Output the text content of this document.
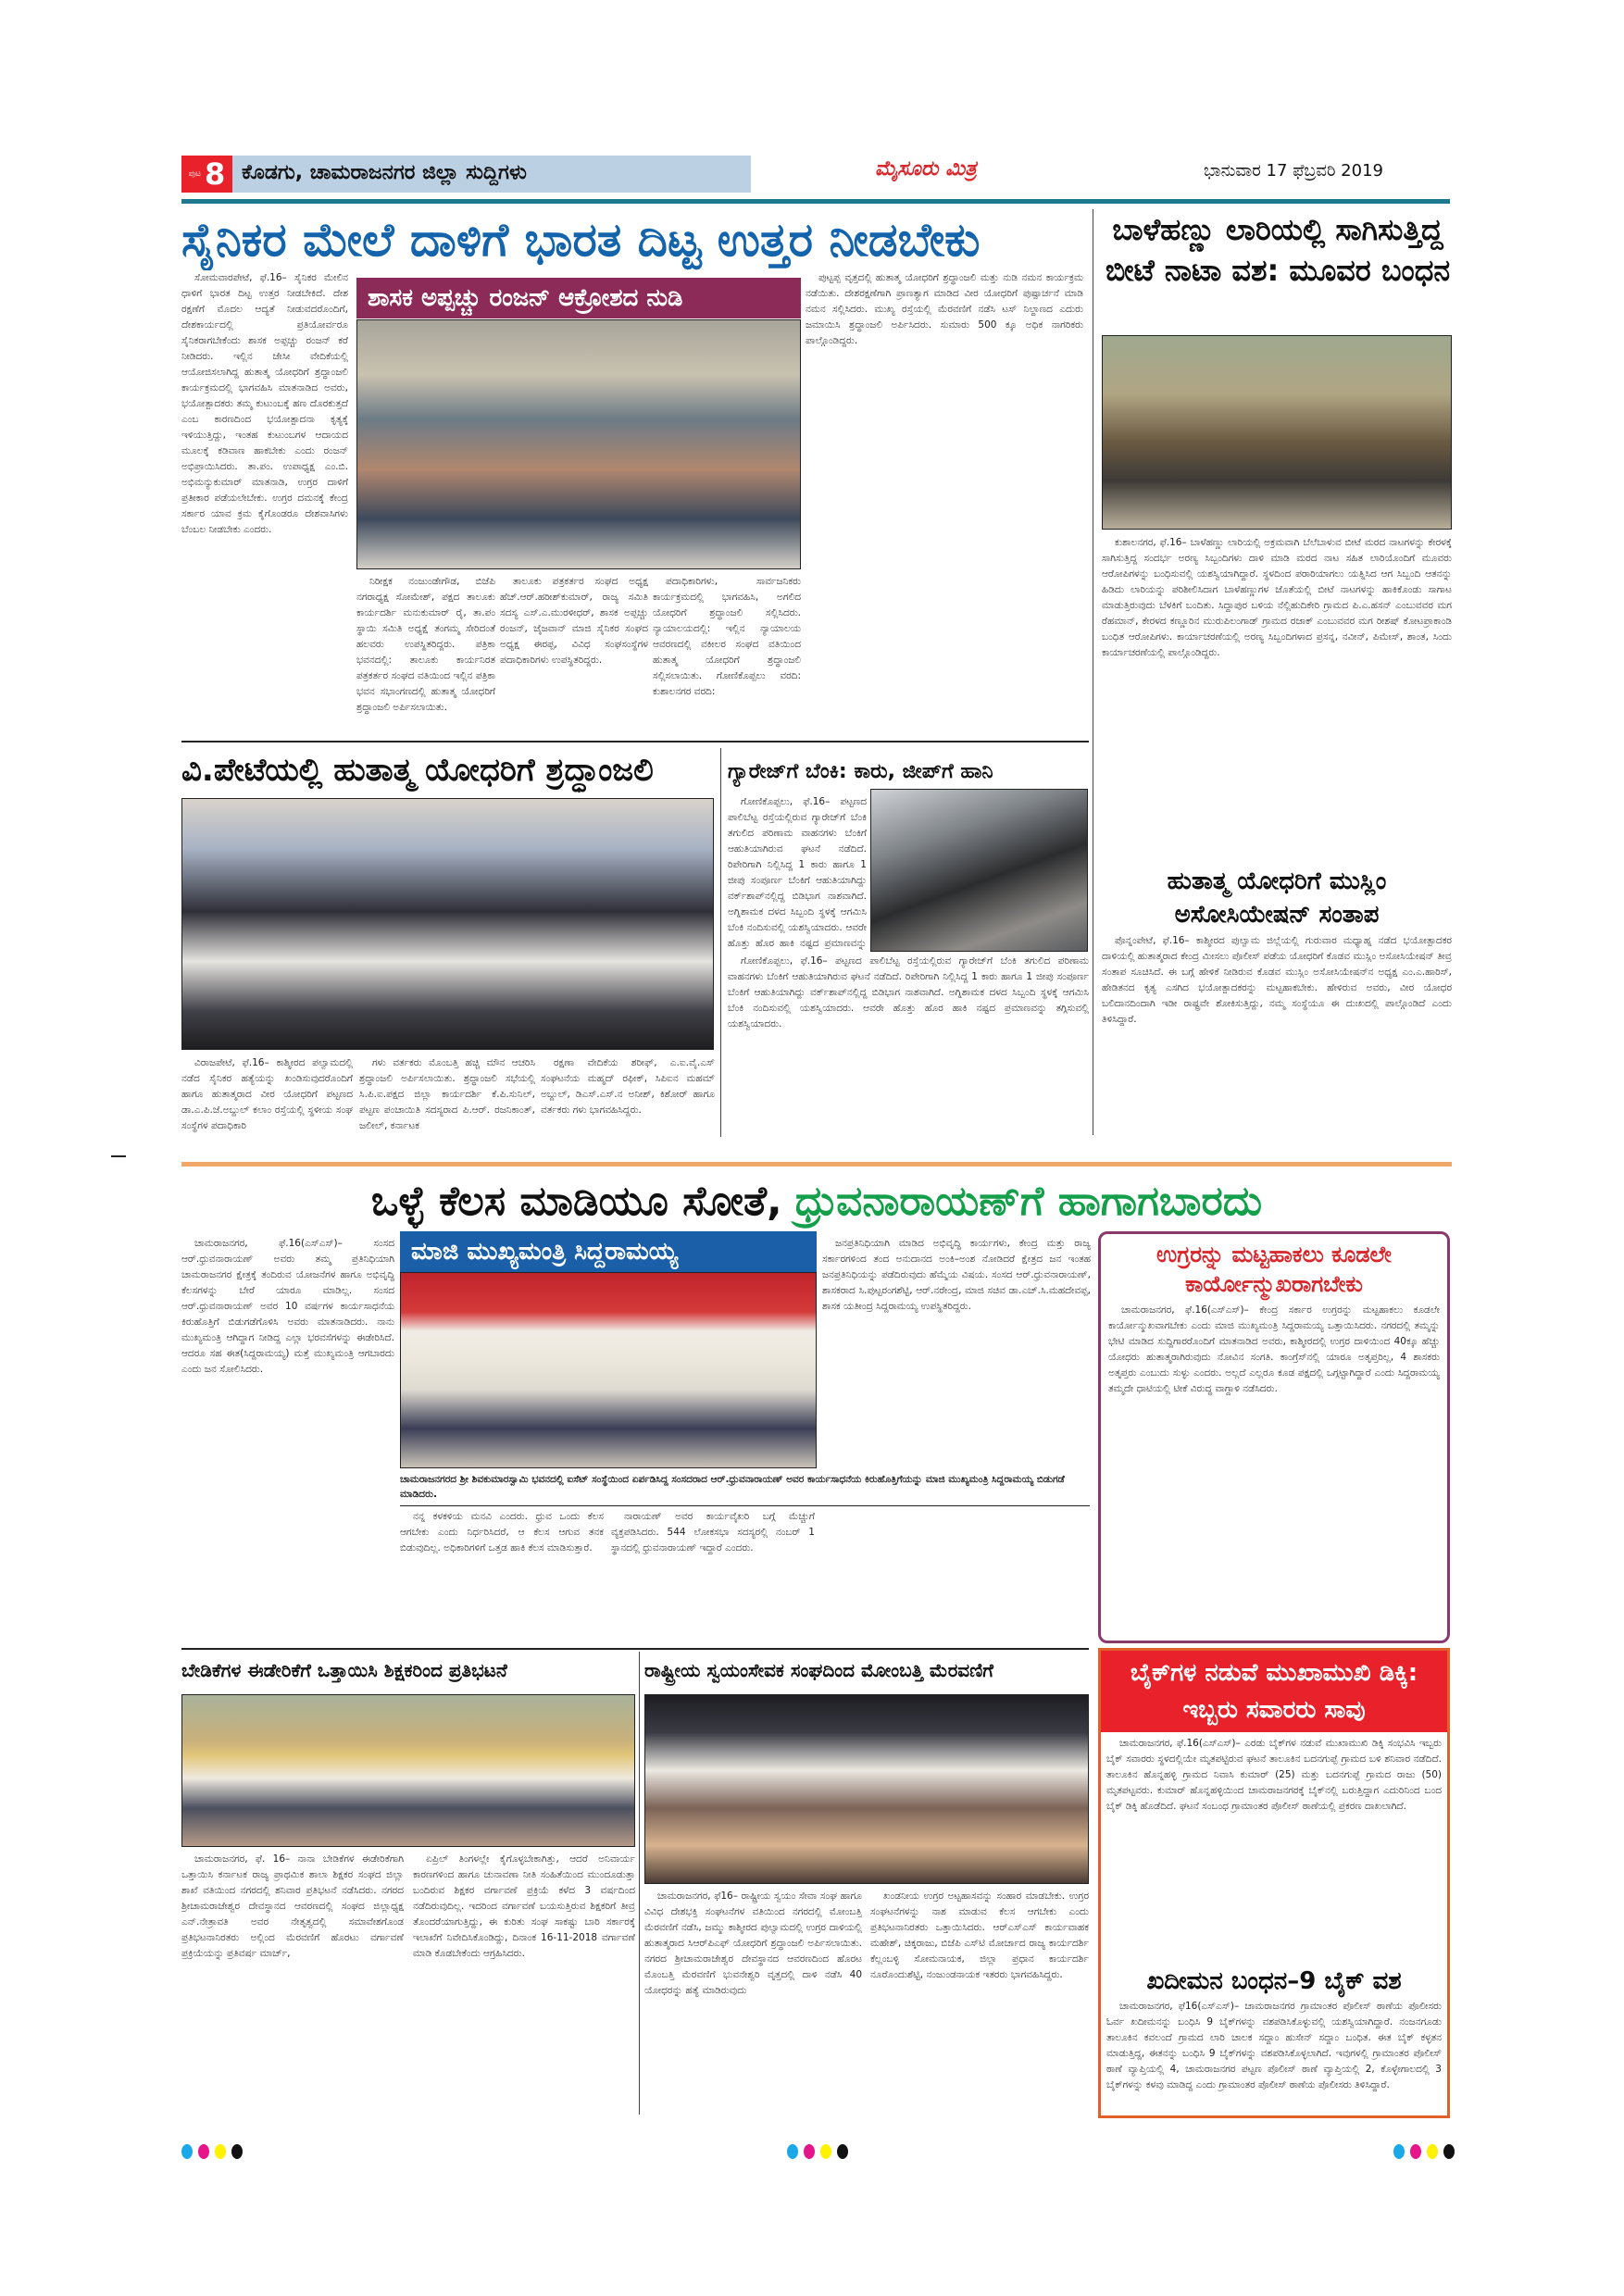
ಪುಟ 8 ಕೊಡಗು, ಚಾಮರಾಜನಗರ ಜಿಲ್ಲಾ ಸುದ್ದಿಗಳು	ಮೈಸೂರು ಮಿತ್ರ	ಭಾನುವಾರ 17 ಫೆಬ್ರವರಿ 2019
ಸೈನಿಕರ ಮೇಲೆ ದಾಳಿಗೆ ಭಾರತ ದಿಟ್ಟ ಉತ್ತರ ನೀಡಬೇಕು

ಸೋಮವಾರಪೇಟೆ, ಫೆ.16– ಸೈನಿಕರ ಮೇಲಿನ ಧಾಳಿಗೆ ಭಾರತ ದಿಟ್ಟ ಉತ್ತರ ನೀಡಬೇಕಿದೆ. ದೇಶ ರಕ್ಷಣೆಗೆ ಮೊದಲ ಆದ್ಯತೆ ನೀಡುವದರೊಂದಿಗೆ, ದೇಶಕಾರ್ಯದಲ್ಲಿ ಪ್ರತಿಯೋರ್ವರೂ ಸೈನಿಕರಾಗಬೇಕೆಂದು ಶಾಸಕ ಅಪ್ಪಚ್ಚು ರಂಜನ್ ಕರೆ ನೀಡಿದರು. ಇಲ್ಲಿನ ಜೇಸೀ ವೇದಿಕೆಯಲ್ಲಿ ಆಯೋಜಿಸಲಾಗಿದ್ದ ಹುತಾತ್ಮ ಯೋಧರಿಗೆ ಶ್ರದ್ಧಾಂಜಲಿ ಕಾರ್ಯಕ್ರಮದಲ್ಲಿ ಭಾಗವಹಿಸಿ ಮಾತನಾಡಿದ ಅವರು, ಭಯೋತ್ಪಾದಕರು ತಮ್ಮ ಕುಟುಂಬಕ್ಕೆ ಹಣ ದೊರಕುತ್ತದೆ ಎಂಬ ಕಾರಣದಿಂದ ಭಯೋತ್ಪಾದನಾ ಕೃತ್ಯಕ್ಕೆ ಇಳಿಯುತ್ತಿದ್ದು, ಇಂತಹ ಕುಟುಂಬಗಳ ಆದಾಯದ ಮೂಲಕ್ಕೆ ಕಡಿವಾಣ ಹಾಕಬೇಕು ಎಂದು ರಂಜನ್ ಅಭಿಪ್ರಾಯಿಸಿದರು. ತಾ.ಪಂ. ಉಪಾಧ್ಯಕ್ಷ ಎಂ.ಬಿ. ಅಭಿಮನ್ಯುಕುಮಾರ್ ಮಾತನಾಡಿ, ಉಗ್ರರ ದಾಳಿಗೆ ಪ್ರತೀಕಾರ ಪಡೆಯಲೇಬೇಕು. ಉಗ್ರರ ದಮನಕ್ಕೆ ಕೇಂದ್ರ ಸರ್ಕಾರ ಯಾವ ಕ್ರಮ ಕೈಗೊಂಡರೂ ದೇಶವಾಸಿಗಳು ಬೆಂಬಲ ನೀಡಬೇಕು ಎಂದರು.

ಶಾಸಕ ಅಪ್ಪಚ್ಚು ರಂಜನ್ ಆಕ್ರೋಶದ ನುಡಿ

ನಿರೀಕ್ಷಕ ನಂಜುಂಡೇಗೌಡ, ಬಿಜೆಪಿ ನಗರಾಧ್ಯಕ್ಷ ಸೋಮೇಶ್, ಪಕ್ಷದ ತಾಲೂಕು ಕಾರ್ಯದರ್ಶಿ ಮನುಕುಮಾರ್ ರೈ, ತಾ.ಪಂ ಸ್ಥಾಯಿ ಸಮಿತಿ ಅಧ್ಯಕ್ಷೆ ತಂಗಮ್ಮ ಸೇರಿದಂತೆ ಹಲವರು ಉಪಸ್ಥಿತರಿದ್ದರು. ಪತ್ರಿಕಾ ಭವನದಲ್ಲಿ: ತಾಲೂಕು ಕಾರ್ಯನಿರತ ಪತ್ರಕರ್ತರ ಸಂಘದ ವತಿಯಿಂದ ಇಲ್ಲಿನ ಪತ್ರಿಕಾ ಭವನ ಸಭಾಂಗಣದಲ್ಲಿ ಹುತಾತ್ಮ ಯೋಧರಿಗೆ ಶ್ರದ್ಧಾಂಜಲಿ ಅರ್ಪಿಸಲಾಯಿತು.

ತಾಲೂಕು ಪತ್ರಕರ್ತರ ಸಂಘದ ಅಧ್ಯಕ್ಷ ಹೆಚ್.ಆರ್.ಹರೀಶ್‌ಕುಮಾರ್, ರಾಜ್ಯ ಸಮಿತಿ ಸದಸ್ಯ ಎಸ್.ಎ.ಮುರಳೀಧರ್, ಶಾಸಕ ಅಪ್ಪಚ್ಚು ರಂಜನ್, ಜೈಜವಾನ್ ಮಾಜಿ ಸೈನಿಕರ ಸಂಘದ ಅಧ್ಯಕ್ಷ ಈರಪ್ಪ, ವಿವಿಧ ಸಂಘಸಂಸ್ಥೆಗಳ ಪದಾಧಿಕಾರಿಗಳು ಉಪಸ್ಥಿತರಿದ್ದರು.

ಪದಾಧಿಕಾರಿಗಳು, ಸಾರ್ವಜನಿಕರು ಕಾರ್ಯಕ್ರಮದಲ್ಲಿ ಭಾಗವಹಿಸಿ, ಅಗಲಿದ ಯೋಧರಿಗೆ ಶ್ರದ್ಧಾಂಜಲಿ ಸಲ್ಲಿಸಿದರು. ನ್ಯಾಯಾಲಯದಲ್ಲಿ: ಇಲ್ಲಿನ ನ್ಯಾಯಾಲಯ ಆವರಣದಲ್ಲಿ ವಕೀಲರ ಸಂಘದ ವತಿಯಿಂದ ಹುತಾತ್ಮ ಯೋಧರಿಗೆ ಶ್ರದ್ಧಾಂಜಲಿ ಸಲ್ಲಿಸಲಾಯಿತು. ಗೋಣಿಕೊಪ್ಪಲು ವರದಿ: ಕುಶಾಲನಗರ ವರದಿ:

ಪುಟ್ಟಪ್ಪ ವೃತ್ತದಲ್ಲಿ ಹುತಾತ್ಮ ಯೋಧರಿಗೆ ಶ್ರದ್ಧಾಂಜಲಿ ಮತ್ತು ನುಡಿ ನಮನ ಕಾರ್ಯಕ್ರಮ ನಡೆಯಿತು. ದೇಶರಕ್ಷಣೆಗಾಗಿ ಪ್ರಾಣತ್ಯಾಗ ಮಾಡಿದ ವೀರ ಯೋಧರಿಗೆ ಪುಷ್ಪಾರ್ಚನೆ ಮಾಡಿ ನಮನ ಸಲ್ಲಿಸಿದರು. ಮುಖ್ಯ ರಸ್ತೆಯಲ್ಲಿ ಮೆರವಣಿಗೆ ನಡೆಸಿ ಟಸ್ ನಿಲ್ದಾಣದ ಎದುರು ಜಮಾಯಿಸಿ ಶ್ರದ್ಧಾಂಜಲಿ ಅರ್ಪಿಸಿದರು. ಸುಮಾರು 500 ಕ್ಕೂ ಅಧಿಕ ನಾಗರಿಕರು ಪಾಲ್ಗೊಂಡಿದ್ದರು.

ಬಾಳೆಹಣ್ಣು ಲಾರಿಯಲ್ಲಿ ಸಾಗಿಸುತ್ತಿದ್ದ ಬೀಟೆ ನಾಟಾ ವಶ: ಮೂವರ ಬಂಧನ

ಕುಶಾಲನಗರ, ಫೆ.16– ಬಾಳೆಹಣ್ಣು ಲಾರಿಯಲ್ಲಿ ಅಕ್ರಮವಾಗಿ ಬೆಲೆಬಾಳುವ ಬೀಟೆ ಮರದ ನಾಟಗಳನ್ನು ಕೇರಳಕ್ಕೆ ಸಾಗಿಸುತ್ತಿದ್ದ ಸಂದರ್ಭ ಅರಣ್ಯ ಸಿಬ್ಬಂದಿಗಳು ದಾಳಿ ಮಾಡಿ ಮರದ ನಾಟ ಸಹಿತ ಲಾರಿಯೊಂದಿಗೆ ಮೂವರು ಆರೋಪಿಗಳನ್ನು ಬಂಧಿಸುವಲ್ಲಿ ಯಶಸ್ವಿಯಾಗಿದ್ದಾರೆ. ಸ್ಥಳದಿಂದ ಪರಾರಿಯಾಗಲು ಯತ್ನಿಸಿದ ಆಗ ಸಿಬ್ಬಂದಿ ಆತನನ್ನು ಹಿಡಿದು ಲಾರಿಯನ್ನು ಪರಿಶೀಲಿಸಿದಾಗ ಬಾಳೆಹಣ್ಣುಗಳ ಜೊತೆಯಲ್ಲಿ ಬೀಟೆ ನಾಟಗಳನ್ನು ಹಾಕಿಕೊಂಡು ಸಾಗಾಟ ಮಾಡುತ್ತಿರುವುದು ಬೆಳಕಿಗೆ ಬಂದಿತು. ಸಿದ್ದಾಪುರ ಬಳಿಯ ನೆಲ್ಲಿಹುದಿಕೇರಿ ಗ್ರಾಮದ ಪಿ.ಎ.ಹಸನ್ ಎಂಬುವವರ ಮಗ ರೆಹಮಾನ್, ಕೇರಳದ ಕಣ್ಣೂರಿನ ಮುರುಪಿಲಂಗಾಡ್ ಗ್ರಾಮದ ರಜಾಕ್ ಎಂಬುವವರ ಮಗ ರೀಶಷ್ ಕೋಟಪ್ರಾಕಾಂಡಿ ಬಂಧಿತ ಆರೋಪಿಗಳು. ಕಾರ್ಯಾಚರಣೆಯಲ್ಲಿ ಅರಣ್ಯ ಸಿಬ್ಬಂದಿಗಳಾದ ಪ್ರಸನ್ನ, ನವೀನ್, ಪಿಮೇಸ್, ಶಾಂತ, ಸಿಂದು ಕಾರ್ಯಾಚರಣೆಯಲ್ಲಿ ಪಾಲ್ಗೊಂಡಿದ್ದರು.

ವಿ.ಪೇಟೆಯಲ್ಲಿ ಹುತಾತ್ಮ ಯೋಧರಿಗೆ ಶ್ರದ್ಧಾಂಜಲಿ

ವಿರಾಜಪೇಟೆ, ಫೆ.16– ಕಾಶ್ಮೀರದ ಪಲ್ವಾಮದಲ್ಲಿ ನಡೆದ ಸೈನಿಕರ ಹತ್ಯೆಯನ್ನು ಖಂಡಿಸುವುದರೊಂದಿಗೆ ಹಾಗೂ ಹುತಾತ್ಮರಾದ ವೀರ ಯೋಧರಿಗೆ ಪಟ್ಟಣದ ಡಾ.ಎ.ಪಿ.ಜೆ.ಅಬ್ದುಲ್ ಕಲಾಂ ರಸ್ತೆಯಲ್ಲಿ ಸ್ಥಳೀಯ ಸಂಘ ಸಂಸ್ಥೆಗಳ ಪದಾಧಿಕಾರಿ

ಗಳು ವರ್ತಕರು ಮೊಂಬತ್ತಿ ಹಚ್ಚಿ ಮೌನ ಆಚರಿಸಿ ಶ್ರದ್ಧಾಂಜಲಿ ಅರ್ಪಿಸಲಾಯಿತು. ಶ್ರದ್ಧಾಂಜಲಿ ಸಭೆಯಲ್ಲಿ ಸಿ.ಪಿ.ಐ.ಪಕ್ಷದ ಜಿಲ್ಲಾ ಕಾರ್ಯದರ್ಶಿ ಕೆ.ಪಿ.ಸುನಿಲ್, ಪಟ್ಟಣ ಪಂಚಾಯಿತಿ ಸದಸ್ಯರಾದ ಪಿ.ಆರ್. ರಜನಿಕಾಂತ್, ಜಲೀಲ್, ಕರ್ನಾಟಕ

ರಕ್ಷಣಾ ವೇದಿಕೆಯ ಶರೀಫ್, ಎ.ಐ.ವೈ.ಎಸ್ ಸಂಘಟನೆಯ ಮಹ್ಮದ್ ರಫೀಕ್, ಸಿಪಿಐನ ಮಹಮ್ ಅಬ್ದುಲ್, ಡಿಎಸ್.ಎಸ್.ನ ಅನೀಶ್, ಕಿಶೋರ್ ಹಾಗೂ ವರ್ತಕರು ಗಳು ಭಾಗವಹಿಸಿದ್ದರು.

ಗ್ಯಾರೇಜ್‌ಗೆ ಬೆಂಕಿ: ಕಾರು, ಜೀಪ್‌ಗೆ ಹಾನಿ

ಗೋಣಿಕೊಪ್ಪಲು, ಫೆ.16– ಪಟ್ಟಣದ ಪಾಲಿಬೆಟ್ಟ ರಸ್ತೆಯಲ್ಲಿರುವ ಗ್ಯಾರೇಜ್‌ಗೆ ಬೆಂಕಿ ತಗುಲಿದ ಪರಿಣಾಮ ವಾಹನಗಳು ಬೆಂಕಿಗೆ ಆಹುತಿಯಾಗಿರುವ ಘಟನೆ ನಡೆದಿದೆ. ರಿಪೇರಿಗಾಗಿ ನಿಲ್ಲಿಸಿದ್ದ 1 ಕಾರು ಹಾಗೂ 1 ಜೀಪು ಸಂಪೂರ್ಣ ಬೆಂಕಿಗೆ ಆಹುತಿಯಾಗಿದ್ದು ವರ್ಕ್‌ಶಾಪ್‌ನಲ್ಲಿದ್ದ ಬಿಡಿಭಾಗ ನಾಶವಾಗಿದೆ. ಅಗ್ನಿಶಾಮಕ ದಳದ ಸಿಬ್ಬಂದಿ ಸ್ಥಳಕ್ಕೆ ಆಗಮಿಸಿ ಬೆಂಕಿ ನಂದಿಸುವಲ್ಲಿ ಯಶಸ್ವಿಯಾದರು. ಆವರೇ ಹೊತ್ತು ಹೊರ ಹಾಕಿ ನಷ್ಟದ ಪ್ರಮಾಣವನ್ನು

ಗೋಣಿಕೊಪ್ಪಲು, ಫೆ.16– ಪಟ್ಟಣದ ಪಾಲಿಬೆಟ್ಟ ರಸ್ತೆಯಲ್ಲಿರುವ ಗ್ಯಾರೇಜ್‌ಗೆ ಬೆಂಕಿ ತಗುಲಿದ ಪರಿಣಾಮ ವಾಹನಗಳು ಬೆಂಕಿಗೆ ಆಹುತಿಯಾಗಿರುವ ಘಟನೆ ನಡೆದಿದೆ. ರಿಪೇರಿಗಾಗಿ ನಿಲ್ಲಿಸಿದ್ದ 1 ಕಾರು ಹಾಗೂ 1 ಜೀಪು ಸಂಪೂರ್ಣ ಬೆಂಕಿಗೆ ಆಹುತಿಯಾಗಿದ್ದು ವರ್ಕ್‌ಶಾಪ್‌ನಲ್ಲಿದ್ದ ಬಿಡಿಭಾಗ ನಾಶವಾಗಿದೆ. ಅಗ್ನಿಶಾಮಕ ದಳದ ಸಿಬ್ಬಂದಿ ಸ್ಥಳಕ್ಕೆ ಆಗಮಿಸಿ ಬೆಂಕಿ ನಂದಿಸುವಲ್ಲಿ ಯಶಸ್ವಿಯಾದರು. ಆವರೇ ಹೊತ್ತು ಹೊರ ಹಾಕಿ ನಷ್ಟದ ಪ್ರಮಾಣವನ್ನು ತಗ್ಗಿಸುವಲ್ಲಿ ಯಶಸ್ವಿಯಾದರು.

ಹುತಾತ್ಮ ಯೋಧರಿಗೆ ಮುಸ್ಲಿಂ ಅಸೋಸಿಯೇಷನ್ ಸಂತಾಪ

ಪೊನ್ನಂಪೇಟೆ, ಫೆ.16– ಕಾಶ್ಮೀರದ ಪುಲ್ವಾಮ ಜಿಲ್ಲೆಯಲ್ಲಿ ಗುರುವಾರ ಮಧ್ಯಾಹ್ನ ನಡೆದ ಭಯೋತ್ಪಾದಕರ ದಾಳಿಯಲ್ಲಿ ಹುತಾತ್ಮರಾದ ಕೇಂದ್ರ ಮೀಸಲು ಪೊಲೀಸ್ ಪಡೆಯ ಯೋಧರಿಗೆ ಕೊಡವ ಮುಸ್ಲಿಂ ಅಸೋಸಿಯೇಷನ್ ತೀವ್ರ ಸಂತಾಪ ಸೂಚಿಸಿದೆ. ಈ ಬಗ್ಗೆ ಹೇಳಿಕೆ ನೀಡಿರುವ ಕೊಡವ ಮುಸ್ಲಿಂ ಅಸೋಸಿಯೇಷನ್‌ನ ಅಧ್ಯಕ್ಷ ಎಂ.ಎ.ಹಾರಿಸ್, ಹೇಡಿತನದ ಕೃತ್ಯ ಎಸಗಿದ ಭಯೋತ್ಪಾದಕರನ್ನು ಮಟ್ಟಹಾಕಬೇಕು. ಹೇಳಿರುವ ಅವರು, ವೀರ ಯೋಧರ ಬಲಿದಾನದಿಂದಾಗಿ ಇಡೀ ರಾಷ್ಟ್ರವೇ ಶೋಕಿಸುತ್ತಿದ್ದು, ನಮ್ಮ ಸಂಸ್ಥೆಯೂ ಈ ದುಃಖದಲ್ಲಿ ಪಾಲ್ಗೊಂಡಿದೆ ಎಂದು ತಿಳಿಸಿದ್ದಾರೆ.

ಒಳ್ಳೆ ಕೆಲಸ ಮಾಡಿಯೂ ಸೋತೆ, ಧ್ರುವನಾರಾಯಣ್‌ಗೆ ಹಾಗಾಗಬಾರದು

ಚಾಮರಾಜನಗರ, ಫೆ.16(ಎಸ್‌ಎಸ್)– ಸಂಸದ ಆರ್.ಧ್ರುವನಾರಾಯಣ್ ಅವರು ತಮ್ಮ ಪ್ರತಿನಿಧಿಯಾಗಿ ಚಾಮರಾಜನಗರ ಕ್ಷೇತ್ರಕ್ಕೆ ತಂದಿರುವ ಯೋಜನೆಗಳ ಹಾಗೂ ಅಭಿವೃದ್ಧಿ ಕೆಲಸಗಳನ್ನು ಬೇರೆ ಯಾರೂ ಮಾಡಿಲ್ಲ. ಸಂಸದ ಆರ್.ಧ್ರುವನಾರಾಯಣ್ ಅವರ 10 ವರ್ಷಗಳ ಕಾರ್ಯಸಾಧನೆಯ ಕಿರುಹೊತ್ತಿಗೆ ಬಿಡುಗಡೆಗೊಳಿಸಿ ಅವರು ಮಾತನಾಡಿದರು. ನಾನು ಮುಖ್ಯಮಂತ್ರಿ ಆಗಿದ್ದಾಗ ನೀಡಿದ್ದ ಎಲ್ಲಾ ಭರವಸೆಗಳನ್ನು ಈಡೇರಿಸಿದೆ. ಆದರೂ ಸಹ ಈತ(ಸಿದ್ದರಾಮಯ್ಯ) ಮತ್ತೆ ಮುಖ್ಯಮಂತ್ರಿ ಆಗಬಾರದು ಎಂದು ಜನ ಸೋಲಿಸಿದರು.

ಮಾಜಿ ಮುಖ್ಯಮಂತ್ರಿ ಸಿದ್ದರಾಮಯ್ಯ
ಚಾಮರಾಜನಗರದ ಶ್ರೀ ಶಿವಕುಮಾರಸ್ವಾಮಿ ಭವನದಲ್ಲಿ ಐಸೆಟ್ ಸಂಸ್ಥೆಯಿಂದ ಏರ್ಪಡಿಸಿದ್ದ ಸಂಸದರಾದ ಆರ್.ಧ್ರುವನಾರಾಯಣ್ ಅವರ ಕಾರ್ಯಸಾಧನೆಯ ಕಿರುಹೊತ್ತಿಗೆಯನ್ನು ಮಾಜಿ ಮುಖ್ಯಮಂತ್ರಿ ಸಿದ್ದರಾಮಯ್ಯ ಬಿಡುಗಡೆ ಮಾಡಿದರು.

ನನ್ನ ಕಳಕಳಿಯ ಮನವಿ ಎಂದರು. ಧ್ರುವ ಒಂದು ಕೆಲಸ ಆಗಬೇಕು ಎಂದು ನಿರ್ಧರಿಸಿದರೆ, ಆ ಕೆಲಸ ಆಗುವ ತನಕ ಬಿಡುವುದಿಲ್ಲ. ಅಧಿಕಾರಿಗಳಿಗೆ ಒತ್ತಡ ಹಾಕಿ ಕೆಲಸ ಮಾಡಿಸುತ್ತಾರೆ.

ನಾರಾಯಣ್ ಅವರ ಕಾರ್ಯವೈಖರಿ ಬಗ್ಗೆ ಮೆಚ್ಚುಗೆ ವ್ಯಕ್ತಪಡಿಸಿದರು. 544 ಲೋಕಸಭಾ ಸದಸ್ಯರಲ್ಲಿ ನಂಬರ್ 1 ಸ್ಥಾನದಲ್ಲಿ ಧ್ರುವನಾರಾಯಣ್ ಇದ್ದಾರೆ ಎಂದರು.

ಜನಪ್ರತಿನಿಧಿಯಾಗಿ ಮಾಡಿದ ಅಭಿವೃದ್ಧಿ ಕಾರ್ಯಗಳು, ಕೇಂದ್ರ ಮತ್ತು ರಾಜ್ಯ ಸರ್ಕಾರಗಳಿಂದ ತಂದ ಅನುದಾನದ ಅಂಕಿ–ಅಂಶ ನೋಡಿದರೆ ಕ್ಷೇತ್ರದ ಜನ ಇಂತಹ ಜನಪ್ರತಿನಿಧಿಯನ್ನು ಪಡೆದಿರುವುದು ಹೆಮ್ಮೆಯ ವಿಷಯ. ಸಂಸದ ಆರ್.ಧ್ರುವನಾರಾಯಣ್, ಶಾಸಕರಾದ ಸಿ.ಪುಟ್ಟರಂಗಶೆಟ್ಟಿ, ಆರ್.ನರೇಂದ್ರ, ಮಾಜಿ ಸಚಿವ ಡಾ.ಎಚ್.ಸಿ.ಮಹದೇವಪ್ಪ, ಶಾಸಕ ಯತೀಂದ್ರ ಸಿದ್ದರಾಮಯ್ಯ ಉಪಸ್ಥಿತರಿದ್ದರು.

ಉಗ್ರರನ್ನು ಮಟ್ಟಹಾಕಲು ಕೂಡಲೇ ಕಾರ್ಯೋನ್ಮುಖರಾಗಬೇಕು

ಚಾಮರಾಜನಗರ, ಫೆ.16(ಎಸ್‌ಎಸ್)– ಕೇಂದ್ರ ಸರ್ಕಾರ ಉಗ್ರರನ್ನು ಮಟ್ಟಹಾಕಲು ಕೂಡಲೇ ಕಾರ್ಯೋನ್ಮುಖವಾಗಬೇಕು ಎಂದು ಮಾಜಿ ಮುಖ್ಯಮಂತ್ರಿ ಸಿದ್ದರಾಮಯ್ಯ ಒತ್ತಾಯಿಸಿದರು. ನಗರದಲ್ಲಿ ತಮ್ಮನ್ನು ಭೇಟಿ ಮಾಡಿದ ಸುದ್ದಿಗಾರರೊಂದಿಗೆ ಮಾತನಾಡಿದ ಅವರು, ಕಾಶ್ಮೀರದಲ್ಲಿ ಉಗ್ರರ ದಾಳಿಯಿಂದ 40ಕ್ಕೂ ಹೆಚ್ಚು ಯೋಧರು ಹುತಾತ್ಮರಾಗಿರುವುದು ನೋವಿನ ಸಂಗತಿ. ಕಾಂಗ್ರೆಸ್‌ನಲ್ಲಿ ಯಾರೂ ಅತೃಪ್ತರಿಲ್ಲ, 4 ಶಾಸಕರು ಅತೃಪ್ತರು ಎಂಬುದು ಸುಳ್ಳು ಎಂದರು. ಅಲ್ಲದೆ ಎಲ್ಲರೂ ಕೂಡ ಪಕ್ಷದಲ್ಲಿ ಒಗ್ಗಟ್ಟಾಗಿದ್ದಾರೆ ಎಂದು ಸಿದ್ದರಾಮಯ್ಯ ತಮ್ಮದೇ ಧಾಟಿಯಲ್ಲಿ ಟೀಕೆ ವಿರುದ್ಧ ವಾಗ್ದಾಳಿ ನಡೆಸಿದರು.

ಬೇಡಿಕೆಗಳ ಈಡೇರಿಕೆಗೆ ಒತ್ತಾಯಿಸಿ ಶಿಕ್ಷಕರಿಂದ ಪ್ರತಿಭಟನೆ

ಚಾಮರಾಜನಗರ, ಫೆ. 16– ನಾನಾ ಬೇಡಿಕೆಗಳ ಈಡೇರಿಕೆಗಾಗಿ ಒತ್ತಾಯಿಸಿ ಕರ್ನಾಟಕ ರಾಜ್ಯ ಪ್ರಾಥಮಿಕ ಶಾಲಾ ಶಿಕ್ಷಕರ ಸಂಘದ ಜಿಲ್ಲಾ ಶಾಖೆ ವತಿಯಿಂದ ನಗರದಲ್ಲಿ ಶನಿವಾರ ಪ್ರತಿಭಟನೆ ನಡೆಸಿದರು. ನಗರದ ಶ್ರೀಚಾಮರಾಜೇಶ್ವರ ದೇವಸ್ಥಾನದ ಆವರಣದಲ್ಲಿ ಸಂಘದ ಜಿಲ್ಲಾಧ್ಯಕ್ಷ ಎನ್.ನೇತ್ರಾವತಿ ಅವರ ನೇತೃತ್ವದಲ್ಲಿ ಸಮಾವೇಶಗೊಂಡ ಪ್ರತಿಭಟನಾನಿರತರು ಅಲ್ಲಿಂದ ಮೆರವಣಿಗೆ ಹೊರಟು ವರ್ಗಾವಣೆ ಪ್ರಕ್ರಿಯೆಯನ್ನು ಪ್ರತಿವರ್ಷ ಮಾರ್ಚ್,

ಏಪ್ರಿಲ್ ತಿಂಗಳಲ್ಲೇ ಕೈಗೊಳ್ಳಬೇಕಾಗಿತ್ತು, ಆದರೆ ಅನಿವಾರ್ಯ ಕಾರಣಗಳಿಂದ ಹಾಗೂ ಚುನಾವಣಾ ನೀತಿ ಸಂಹಿತೆಯಿಂದ ಮುಂದೂಡುತ್ತಾ ಬಂದಿರುವ ಶಿಕ್ಷಕರ ವರ್ಗಾವಣೆ ಪ್ರಕ್ರಿಯೆ ಕಳೆದ 3 ವರ್ಷದಿಂದ ನಡೆದಿರುವುದಿಲ್ಲ. ಇದರಿಂದ ವರ್ಗಾವಣೆ ಬಯಸುತ್ತಿರುವ ಶಿಕ್ಷಕರಿಗೆ ತೀವ್ರ ತೊಂದರೆಯಾಗುತ್ತಿದ್ದು, ಈ ಕುರಿತು ಸಂಘ ಸಾಕಷ್ಟು ಬಾರಿ ಸರ್ಕಾರಕ್ಕೆ ಇಲಾಖೆಗೆ ನಿವೇದಿಸಿಕೊಂಡಿದ್ದು, ದಿನಾಂಕ 16-11-2018 ವರ್ಗಾವಣೆ ಮಾಡಿ ಕೊಡಬೇಕೆಂದು ಆಗ್ರಹಿಸಿದರು.

ರಾಷ್ಟ್ರೀಯ ಸ್ವಯಂಸೇವಕ ಸಂಘದಿಂದ ಮೋಂಬತ್ತಿ ಮೆರವಣಿಗೆ

ಚಾಮರಾಜನಗರ, ಫೆ16– ರಾಷ್ಟ್ರೀಯ ಸ್ವಯಂ ಸೇವಾ ಸಂಘ ಹಾಗೂ ವಿವಿಧ ದೇಶಭಕ್ತಿ ಸಂಘಟನೆಗಳ ವತಿಯಿಂದ ನಗರದಲ್ಲಿ ಮೋಂಬತ್ತಿ ಮೆರವಣಿಗೆ ನಡೆಸಿ, ಜಮ್ಮು ಕಾಶ್ಮೀರದ ಪುಲ್ವಾಮದಲ್ಲಿ ಉಗ್ರರ ದಾಳಿಯಲ್ಲಿ ಹುತಾತ್ಮರಾದ ಸಿಆರ್‌ಪಿಎಫ್ ಯೋಧರಿಗೆ ಶ್ರದ್ಧಾಂಜಲಿ ಅರ್ಪಿಸಲಾಯಿತು. ನಗರದ ಶ್ರೀಚಾಮರಾಜೇಶ್ವರ ದೇವಸ್ಥಾನದ ಆವರಣದಿಂದ ಹೊರಟ ಮೊಂಬತ್ತಿ ಮೆರವಣಿಗೆ ಭುವನೇಶ್ವರಿ ವೃತ್ತದಲ್ಲಿ ದಾಳಿ ನಡೆಸಿ 40 ಯೋಧರನ್ನು ಹತ್ಯೆ ಮಾಡಿರುವುದು

ಖಂಡನೀಯ ಉಗ್ರರ ಅಟ್ಟಹಾಸವನ್ನು ಸಂಹಾರ ಮಾಡಬೇಕು. ಉಗ್ರರ ಸಂಘಟನೆಗಳನ್ನು ನಾಶ ಮಾಡುವ ಕೆಲಸ ಆಗಬೇಕು ಎಂದು ಪ್ರತಿಭಟನಾನಿರತರು ಒತ್ತಾಯಿಸಿದರು. ಆರ್‌ಎಸ್‌ಎಸ್ ಕಾರ್ಯವಾಹಕ ಮಹೇಶ್, ಚಿಕ್ಕರಾಜು, ಬಿಜೆಪಿ ಎಸ್‌ಟಿ ಮೋರ್ಚಾದ ರಾಜ್ಯ ಕಾರ್ಯದರ್ಶಿ ಕೆಲ್ಲಂಬಳ್ಳಿ ಸೋಮನಾಯಕ, ಜಿಲ್ಲಾ ಪ್ರಧಾನ ಕಾರ್ಯದರ್ಶಿ ನೂರೊಂದುಶೆಟ್ಟಿ, ನಂಜುಂಡನಾಯಕ ಇತರರು ಭಾಗವಹಿಸಿದ್ದರು.

ಬೈಕ್‌ಗಳ ನಡುವೆ ಮುಖಾಮುಖಿ ಡಿಕ್ಕಿ: ಇಬ್ಬರು ಸವಾರರು ಸಾವು

ಚಾಮರಾಜನಗರ, ಫೆ.16(ಎಸ್‌ಎಸ್)– ಎರಡು ಬೈಕ್‌ಗಳ ನಡುವೆ ಮುಖಾಮುಖಿ ಡಿಕ್ಕಿ ಸಂಭವಿಸಿ ಇಬ್ಬರು ಬೈಕ್ ಸವಾರರು ಸ್ಥಳದಲ್ಲಿಯೇ ಮೃತಪಟ್ಟಿರುವ ಘಟನೆ ತಾಲೂಕಿನ ಬದನಗುಪ್ಪೆ ಗ್ರಾಮದ ಬಳಿ ಶನಿವಾರ ನಡೆದಿದೆ. ತಾಲೂಕಿನ ಹೊನ್ನಹಳ್ಳಿ ಗ್ರಾಮದ ನಿವಾಸಿ ಕುಮಾರ್ (25) ಮತ್ತು ಬದನಗುಪ್ಪೆ ಗ್ರಾಮದ ರಾಜು (50) ಮೃತಪಟ್ಟವರು. ಕುಮಾರ್ ಹೊನ್ನಹಳ್ಳಿಯಿಂದ ಚಾಮರಾಜನಗರಕ್ಕೆ ಬೈಕ್‌ನಲ್ಲಿ ಬರುತ್ತಿದ್ದಾಗ ಎದುರಿನಿಂದ ಬಂದ ಬೈಕ್ ಡಿಕ್ಕಿ ಹೊಡೆದಿದೆ. ಘಟನೆ ಸಂಬಂಧ ಗ್ರಾಮಾಂತರ ಪೊಲೀಸ್ ಠಾಣೆಯಲ್ಲಿ ಪ್ರಕರಣ ದಾಖಲಾಗಿದೆ.

ಖದೀಮನ ಬಂಧನ–9 ಬೈಕ್ ವಶ

ಚಾಮರಾಜನಗರ, ಫೆ16(ಎಸ್‌ಎಸ್)– ಚಾಮರಾಜನಗರ ಗ್ರಾಮಾಂತರ ಪೊಲೀಸ್ ಠಾಣೆಯ ಪೊಲೀಸರು ಓರ್ವ ಖದೀಮನನ್ನು ಬಂಧಿಸಿ 9 ಬೈಕ್‌ಗಳನ್ನು ವಶಪಡಿಸಿಕೊಳ್ಳುವಲ್ಲಿ ಯಶಸ್ವಿಯಾಗಿದ್ದಾರೆ. ನಂಜನಗೂಡು ತಾಲೂಕಿನ ಕವಲಂದೆ ಗ್ರಾಮದ ಲಾರಿ ಚಾಲಕ ಸದ್ದಾಂ ಹುಸೇನ್ ಸದ್ದಾಂ ಬಂಧಿತ. ಈತ ಬೈಕ್ ಕಳ್ಳತನ ಮಾಡುತ್ತಿದ್ದ, ಈತನನ್ನು ಬಂಧಿಸಿ 9 ಬೈಕ್‌ಗಳನ್ನು ವಶಪಡಿಸಿಕೊಳ್ಳಲಾಗಿದೆ. ಇವುಗಳಲ್ಲಿ ಗ್ರಾಮಾಂತರ ಪೊಲೀಸ್ ಠಾಣೆ ವ್ಯಾಪ್ತಿಯಲ್ಲಿ 4, ಚಾಮರಾಜನಗರ ಪಟ್ಟಣ ಪೊಲೀಸ್ ಠಾಣೆ ವ್ಯಾಪ್ತಿಯಲ್ಲಿ 2, ಕೊಳ್ಳೇಗಾಲದಲ್ಲಿ 3 ಬೈಕ್‌ಗಳನ್ನು ಕಳವು ಮಾಡಿದ್ದ ಎಂದು ಗ್ರಾಮಾಂತರ ಪೊಲೀಸ್ ಠಾಣೆಯ ಪೊಲೀಸರು ತಿಳಿಸಿದ್ದಾರೆ.
